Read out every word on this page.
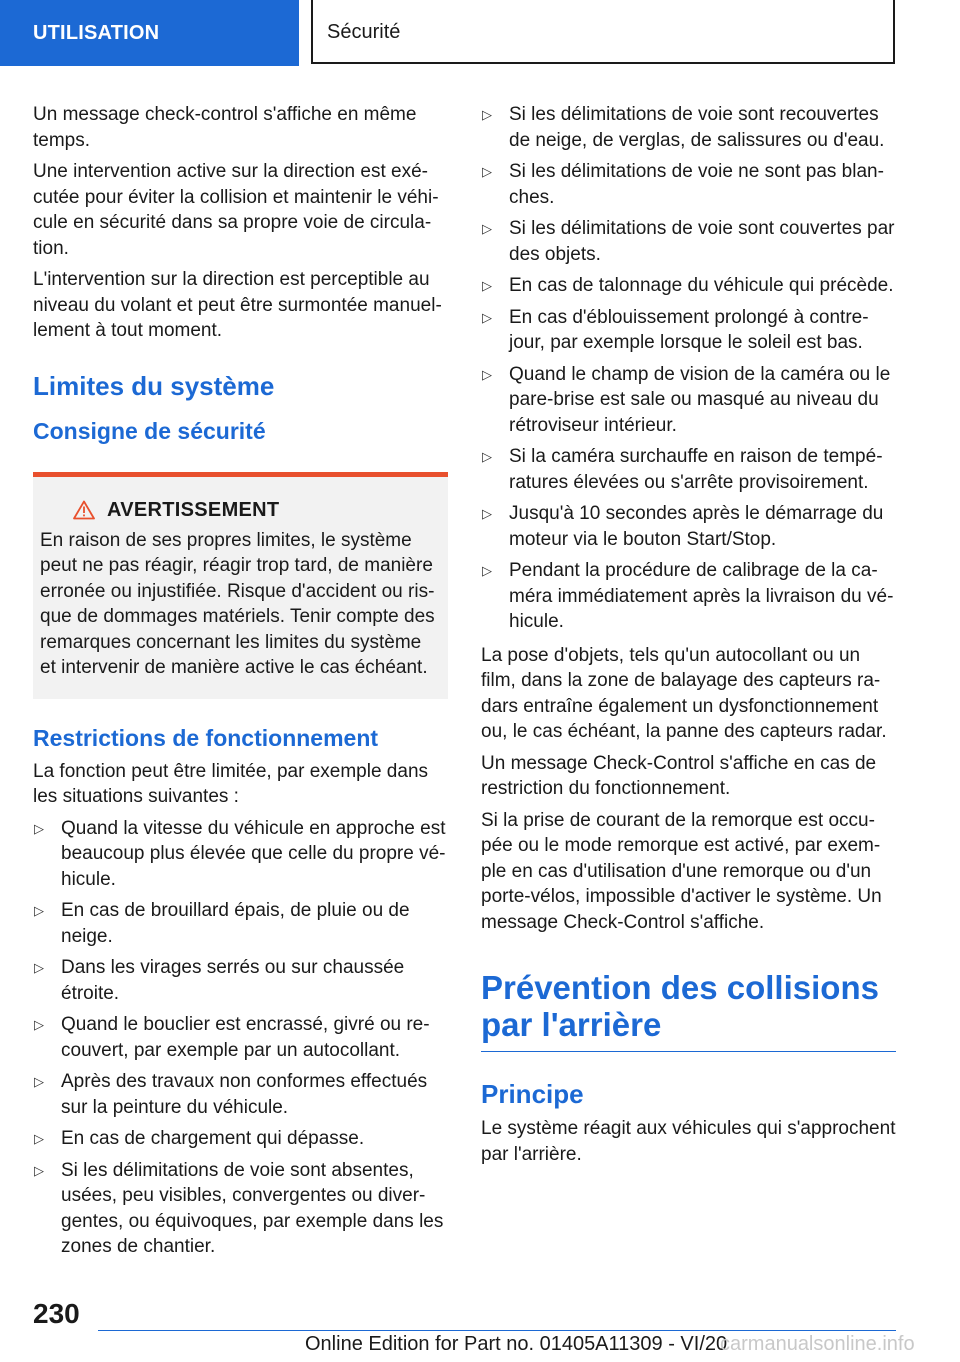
UTILISATION	Sécurité

Un message check-control s'affiche en même temps.

Une intervention active sur la direction est exécutée pour éviter la collision et maintenir le véhicule en sécurité dans sa propre voie de circulation.

L'intervention sur la direction est perceptible au niveau du volant et peut être surmontée manuellement à tout moment.

Limites du système
Consigne de sécurité
AVERTISSEMENT

En raison de ses propres limites, le système peut ne pas réagir, réagir trop tard, de manière erronée ou injustifiée. Risque d'accident ou risque de dommages matériels. Tenir compte des remarques concernant les limites du système et intervenir de manière active le cas échéant.

Restrictions de fonctionnement

La fonction peut être limitée, par exemple dans les situations suivantes :

▷ Quand la vitesse du véhicule en approche est beaucoup plus élevée que celle du propre véhicule.
▷ En cas de brouillard épais, de pluie ou de neige.
▷ Dans les virages serrés ou sur chaussée étroite.
▷ Quand le bouclier est encrassé, givré ou recouvert, par exemple par un autocollant.
▷ Après des travaux non conformes effectués sur la peinture du véhicule.
▷ En cas de chargement qui dépasse.
▷ Si les délimitations de voie sont absentes, usées, peu visibles, convergentes ou divergentes, ou équivoques, par exemple dans les zones de chantier.
▷ Si les délimitations de voie sont recouvertes de neige, de verglas, de salissures ou d'eau.
▷ Si les délimitations de voie ne sont pas blanches.
▷ Si les délimitations de voie sont couvertes par des objets.
▷ En cas de talonnage du véhicule qui précède.
▷ En cas d'éblouissement prolongé à contre-jour, par exemple lorsque le soleil est bas.
▷ Quand le champ de vision de la caméra ou le pare-brise est sale ou masqué au niveau du rétroviseur intérieur.
▷ Si la caméra surchauffe en raison de températures élevées ou s'arrête provisoirement.
▷ Jusqu'à 10 secondes après le démarrage du moteur via le bouton Start/Stop.
▷ Pendant la procédure de calibrage de la caméra immédiatement après la livraison du véhicule.

La pose d'objets, tels qu'un autocollant ou un film, dans la zone de balayage des capteurs radars entraîne également un dysfonctionnement ou, le cas échéant, la panne des capteurs radar.

Un message Check-Control s'affiche en cas de restriction du fonctionnement.

Si la prise de courant de la remorque est occupée ou le mode remorque est activé, par exemple en cas d'utilisation d'une remorque ou d'un porte-vélos, impossible d'activer le système. Un message Check-Control s'affiche.

Prévention des collisions par l'arrière
Principe

Le système réagit aux véhicules qui s'approchent par l'arrière.

230
Online Edition for Part no. 01405A11309 - VI/20
carmanualsonline.info
